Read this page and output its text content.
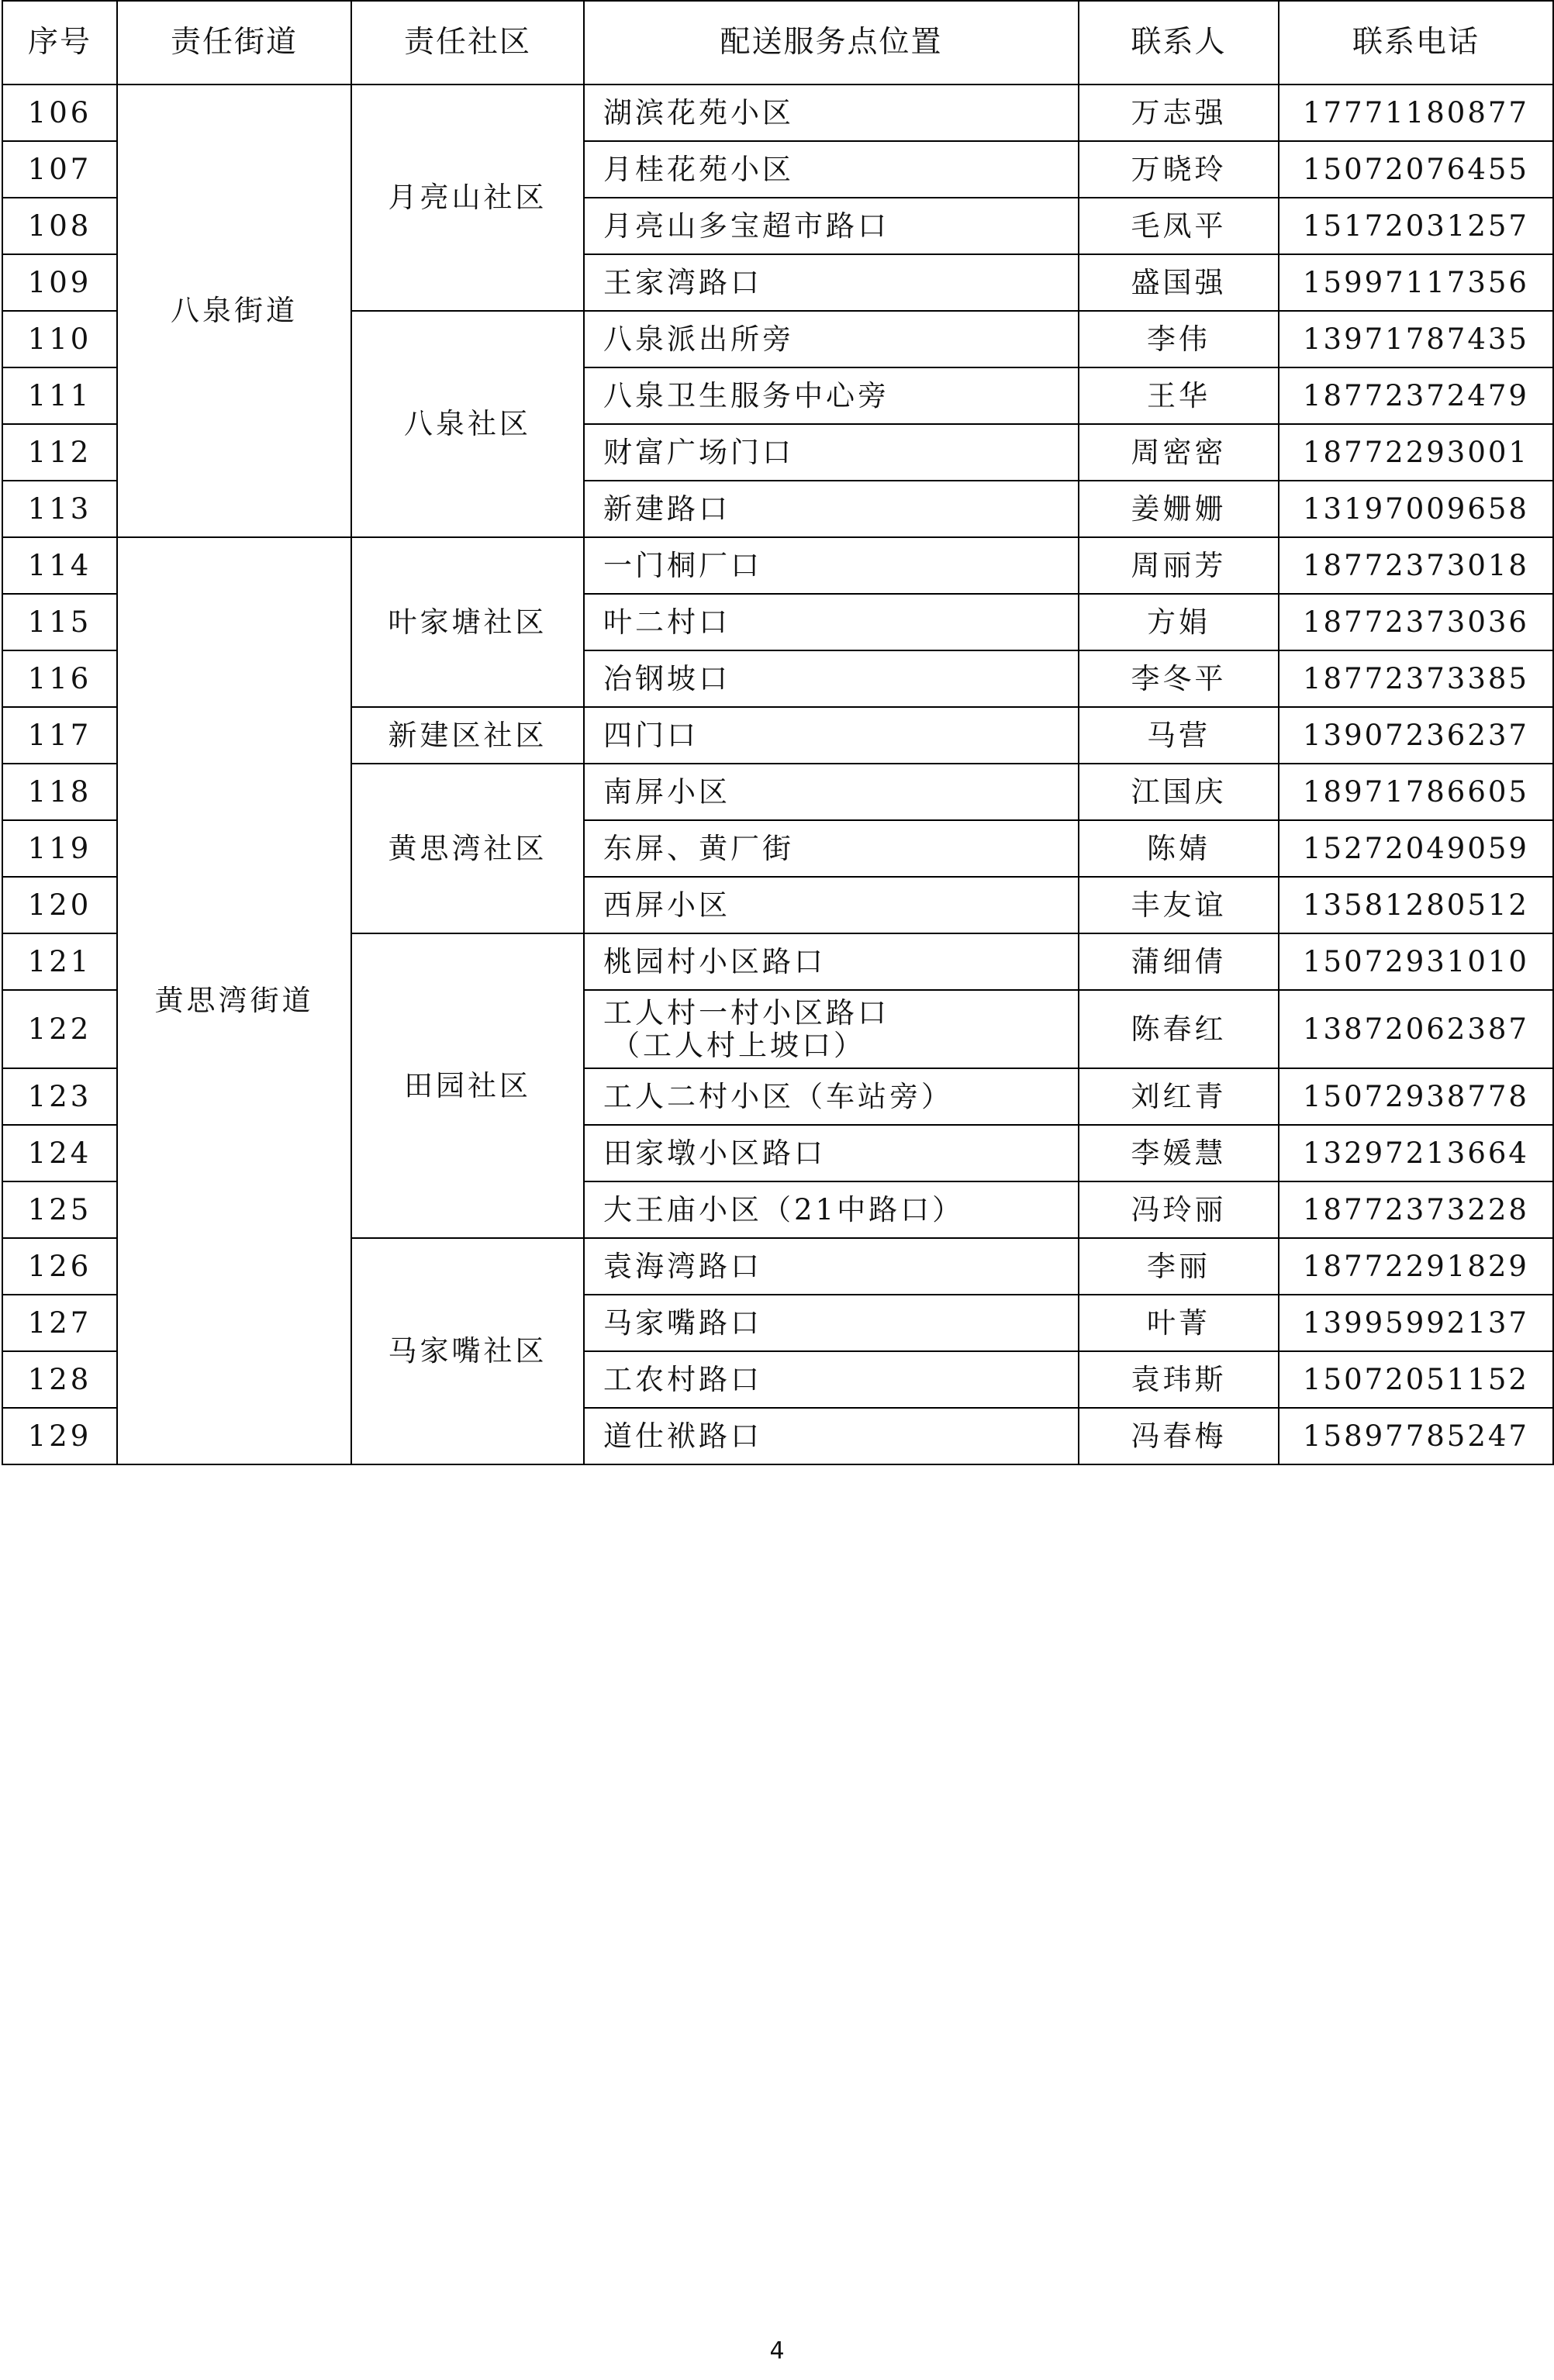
序号	责任街道	责任社区	配送服务点位置	联系人	联系电话
106	八泉街道	月亮山社区	湖滨花苑小区	万志强	17771180877
107			月桂花苑小区	万晓玲	15072076455
108			月亮山多宝超市路口	毛凤平	15172031257
109			王家湾路口	盛国强	15997117356
110		八泉社区	八泉派出所旁	李伟	13971787435
111			八泉卫生服务中心旁	王华	18772372479
112			财富广场门口	周密密	18772293001
113			新建路口	姜姗姗	13197009658
114	黄思湾街道	叶家塘社区	一门桐厂口	周丽芳	18772373018
115			叶二村口	方娟	18772373036
116			冶钢坡口	李冬平	18772373385
117		新建区社区	四门口	马营	13907236237
118		黄思湾社区	南屏小区	江国庆	18971786605
119			东屏、黄厂街	陈婧	15272049059
120			西屏小区	丰友谊	13581280512
121		田园社区	桃园村小区路口	蒲细倩	15072931010
122			工人村一村小区路口
（工人村上坡口）	陈春红	13872062387
123			工人二村小区（车站旁）	刘红青	15072938778
124			田家墩小区路口	李媛慧	13297213664
125			大王庙小区（21中路口）	冯玲丽	18772373228
126		马家嘴社区	袁海湾路口	李丽	18772291829
127			马家嘴路口	叶菁	13995992137
128			工农村路口	袁玮斯	15072051152
129			道仕袱路口	冯春梅	15897785247
4
